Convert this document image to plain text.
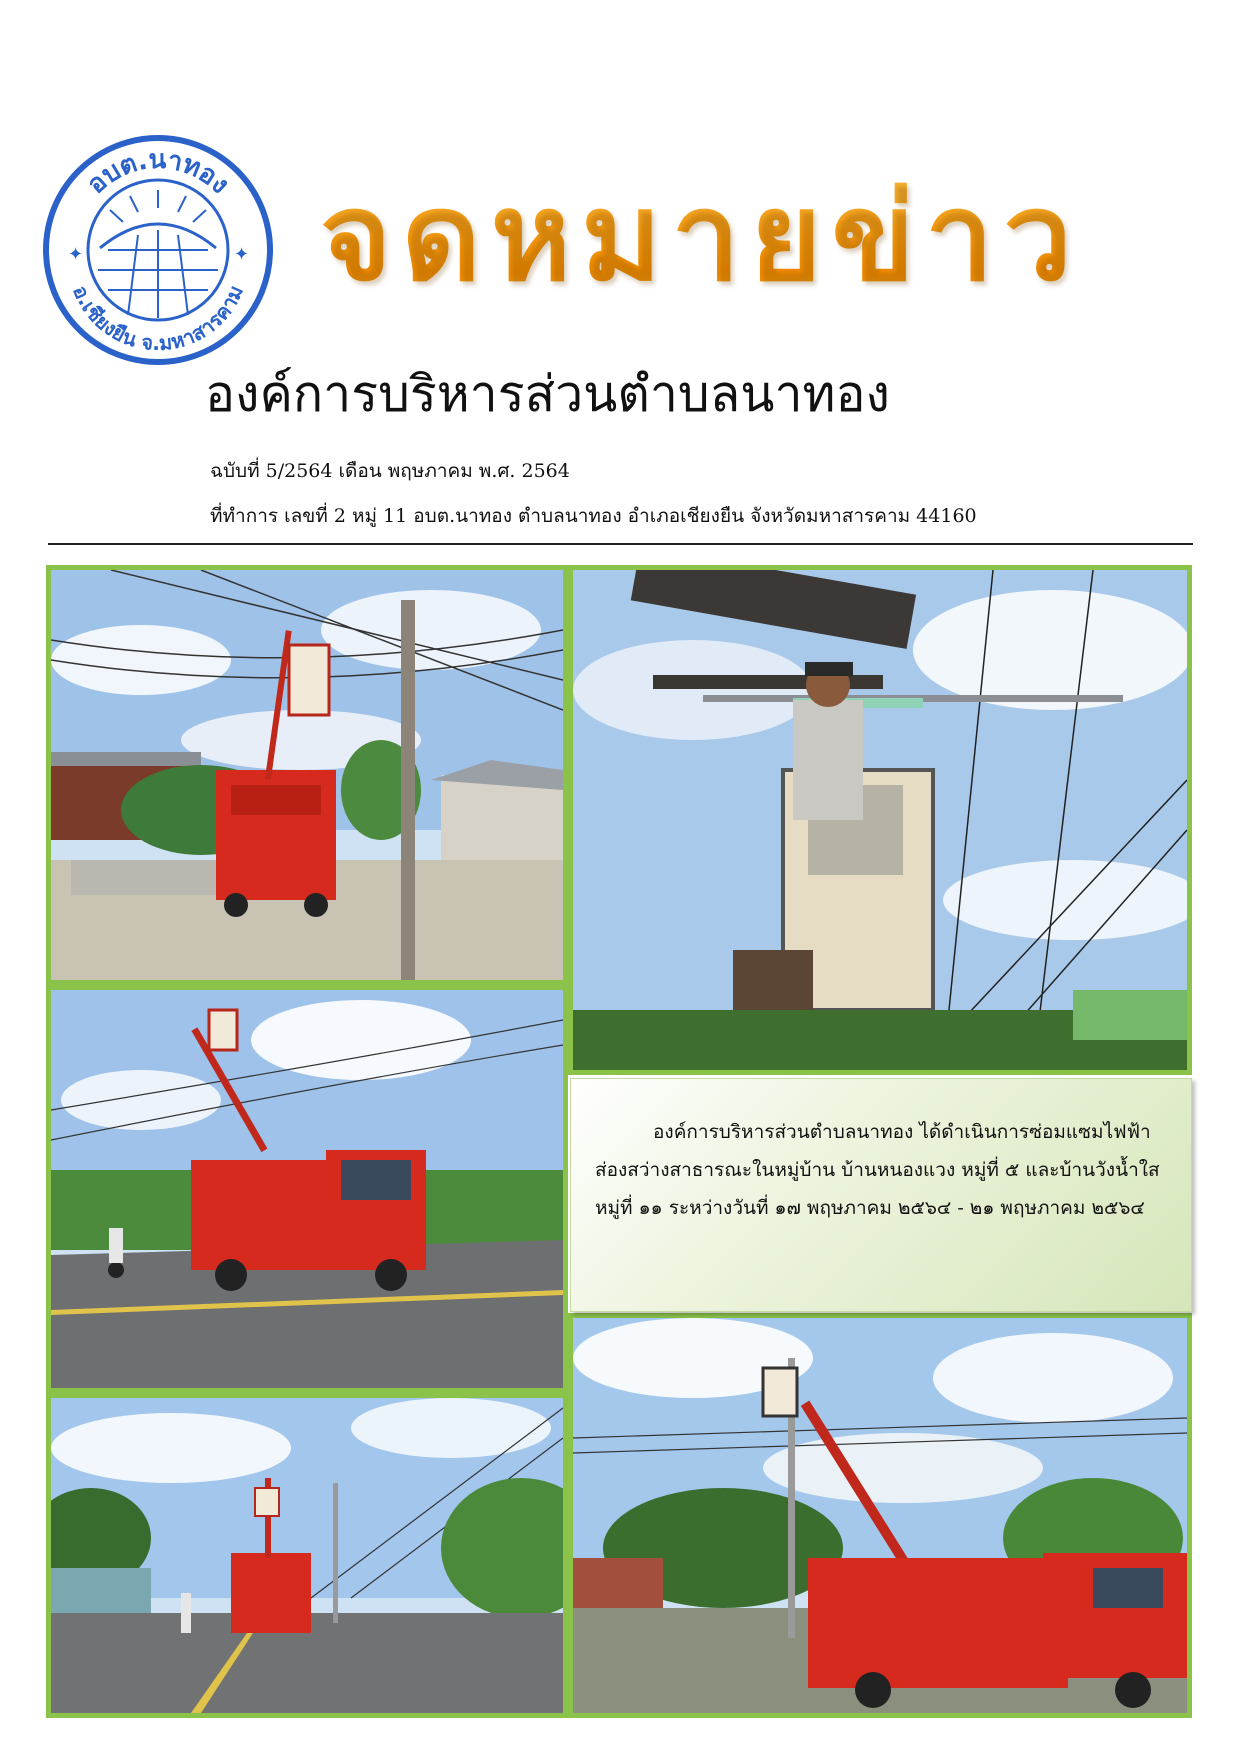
อบต.นาทอง
อ.เชียงยืน จ.มหาสารคาม
✦	✦ จดหมายข่าว
องค์การบริหารส่วนตำบลนาทอง
ฉบับที่ 5/2564 เดือน พฤษภาคม พ.ศ. 2564
ที่ทำการ เลขที่ 2 หมู่ 11 อบต.นาทอง ตำบลนาทอง อำเภอเชียงยืน จังหวัดมหาสารคาม 44160

องค์การบริหารส่วนตำบลนาทอง ได้ดำเนินการซ่อมแซมไฟฟ้าส่องสว่างสาธารณะในหมู่บ้าน บ้านหนองแวง หมู่ที่ ๕ และบ้านวังน้ำใส หมู่ที่ ๑๑ ระหว่างวันที่ ๑๗ พฤษภาคม ๒๕๖๔ - ๒๑ พฤษภาคม ๒๕๖๔
